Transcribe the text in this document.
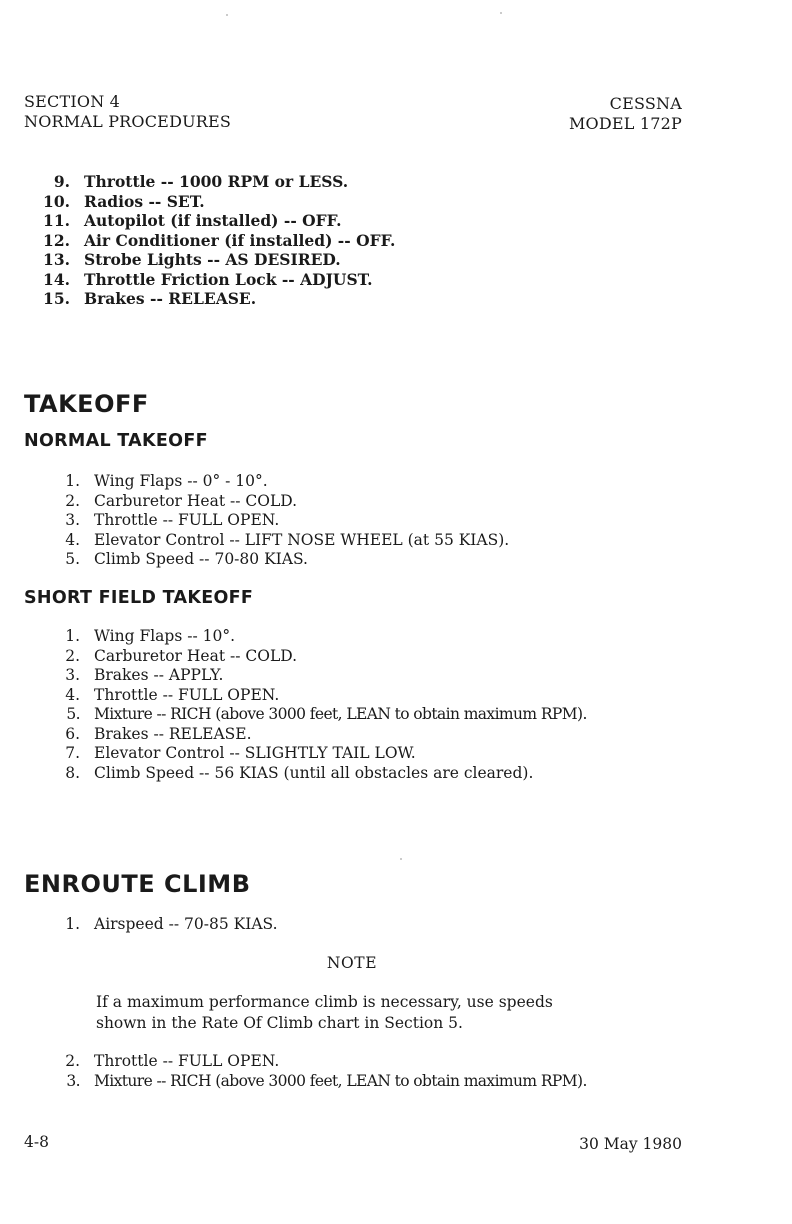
SECTION 4
NORMAL PROCEDURES
CESSNA
MODEL 172P
9. Throttle -- 1000 RPM or LESS.
10. Radios -- SET.
11. Autopilot (if installed) -- OFF.
12. Air Conditioner (if installed) -- OFF.
13. Strobe Lights -- AS DESIRED.
14. Throttle Friction Lock -- ADJUST.
15. Brakes -- RELEASE.
TAKEOFF
NORMAL TAKEOFF
1. Wing Flaps -- 0° - 10°.
2. Carburetor Heat -- COLD.
3. Throttle -- FULL OPEN.
4. Elevator Control -- LIFT NOSE WHEEL (at 55 KIAS).
5. Climb Speed -- 70-80 KIAS.
SHORT FIELD TAKEOFF
1. Wing Flaps -- 10°.
2. Carburetor Heat -- COLD.
3. Brakes -- APPLY.
4. Throttle -- FULL OPEN.
5. Mixture -- RICH (above 3000 feet, LEAN to obtain maximum RPM).
6. Brakes -- RELEASE.
7. Elevator Control -- SLIGHTLY TAIL LOW.
8. Climb Speed -- 56 KIAS (until all obstacles are cleared).
ENROUTE CLIMB
1. Airspeed -- 70-85 KIAS.
NOTE
If a maximum performance climb is necessary, use speeds
shown in the Rate Of Climb chart in Section 5.
2. Throttle -- FULL OPEN.
3. Mixture -- RICH (above 3000 feet, LEAN to obtain maximum RPM).
4-8	30 May 1980
